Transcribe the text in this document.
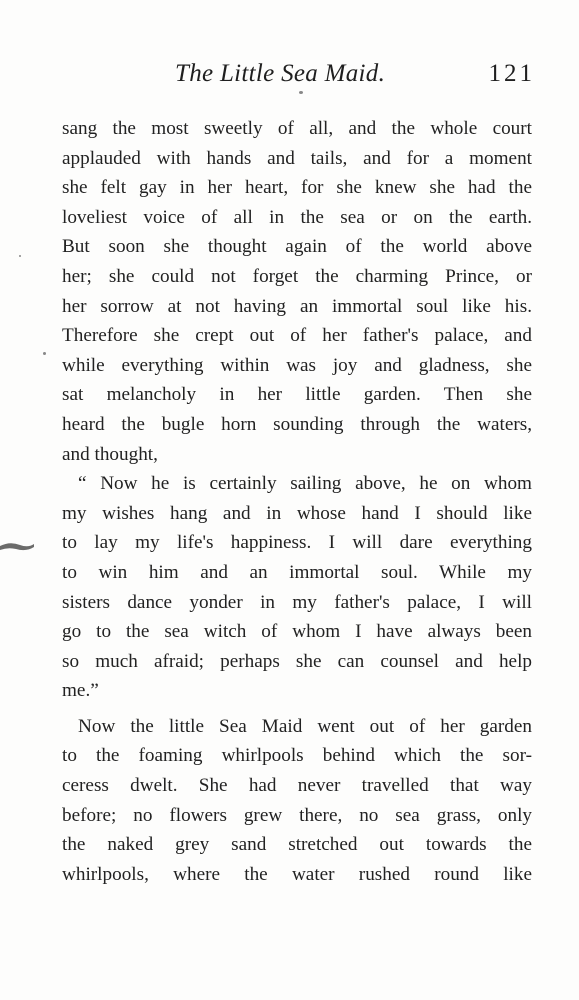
The Little Sea Maid.	121
sang the most sweetly of all, and the whole court
applauded with hands and tails, and for a moment
she felt gay in her heart, for she knew she had the
loveliest voice of all in the sea or on the earth.
But soon she thought again of the world above
her; she could not forget the charming Prince, or
her sorrow at not having an immortal soul like his.
Therefore she crept out of her father's palace, and
while everything within was joy and gladness, she
sat melancholy in her little garden. Then she
heard the bugle horn sounding through the waters,
and thought,
“ Now he is certainly sailing above, he on whom
my wishes hang and in whose hand I should like
to lay my life's happiness. I will dare everything
to win him and an immortal soul. While my
sisters dance yonder in my father's palace, I will
go to the sea witch of whom I have always been
so much afraid; perhaps she can counsel and help
me.”
Now the little Sea Maid went out of her garden
to the foaming whirlpools behind which the sor-
ceress dwelt. She had never travelled that way
before; no flowers grew there, no sea grass, only
the naked grey sand stretched out towards the
whirlpools, where the water rushed round like
